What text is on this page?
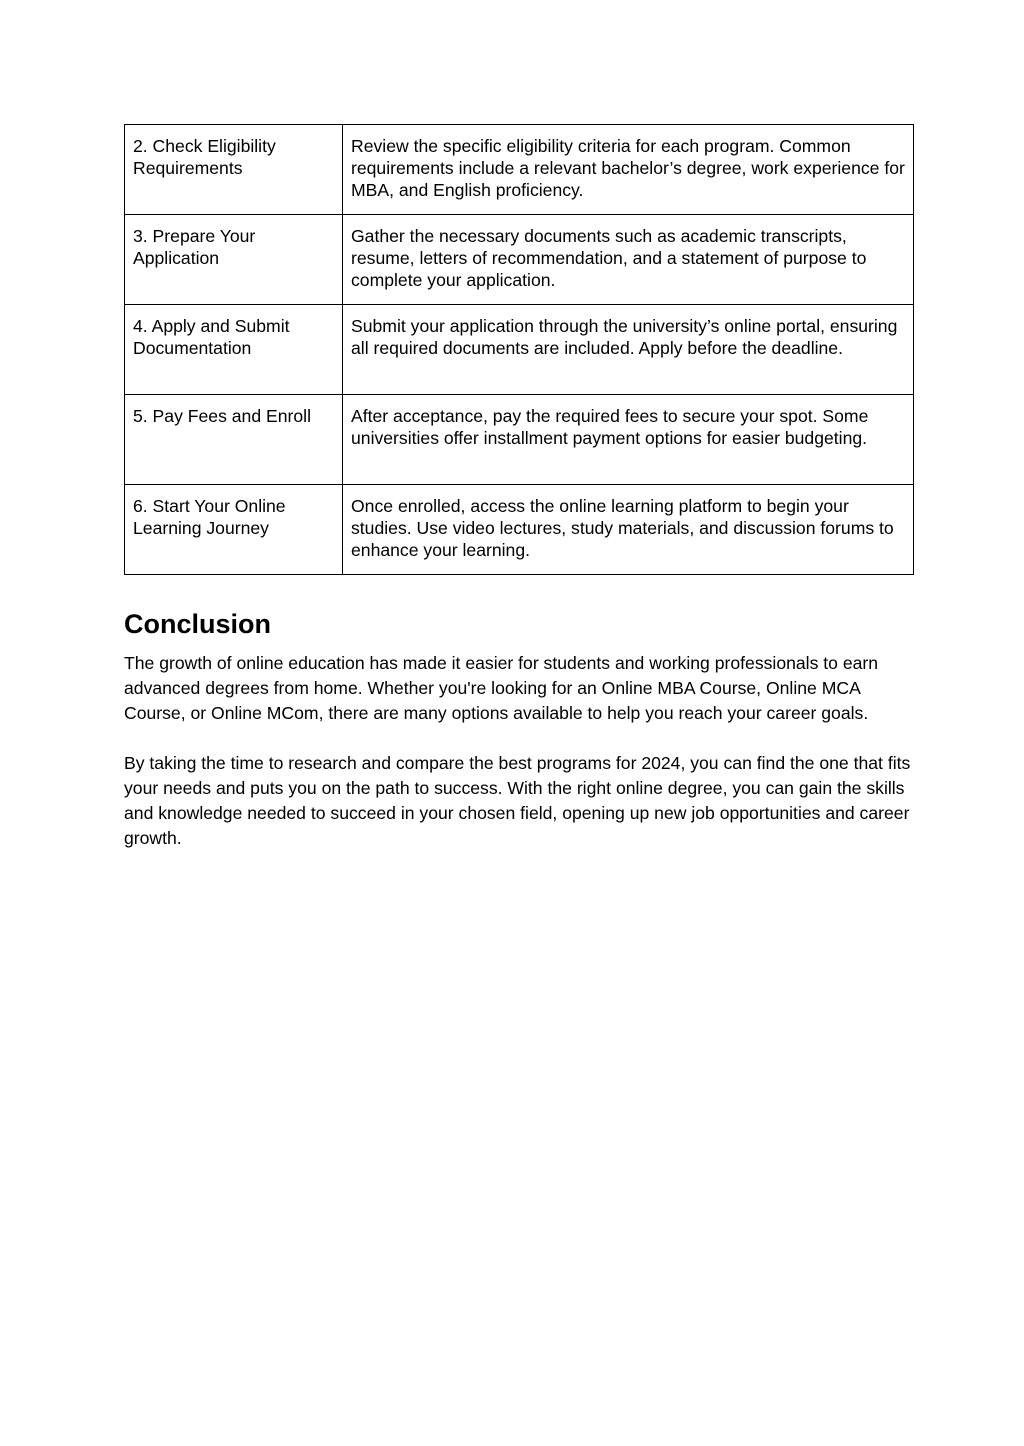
2. Check Eligibility Requirements	Review the specific eligibility criteria for each program. Common requirements include a relevant bachelor’s degree, work experience for MBA, and English proficiency.
3. Prepare Your Application	Gather the necessary documents such as academic transcripts, resume, letters of recommendation, and a statement of purpose to complete your application.
4. Apply and Submit Documentation	Submit your application through the university’s online portal, ensuring all required documents are included. Apply before the deadline.
5. Pay Fees and Enroll	After acceptance, pay the required fees to secure your spot. Some universities offer installment payment options for easier budgeting.
6. Start Your Online Learning Journey	Once enrolled, access the online learning platform to begin your studies. Use video lectures, study materials, and discussion forums to enhance your learning.
Conclusion

The growth of online education has made it easier for students and working professionals to earn advanced degrees from home. Whether you're looking for an Online MBA Course, Online MCA Course, or Online MCom, there are many options available to help you reach your career goals.

By taking the time to research and compare the best programs for 2024, you can find the one that fits your needs and puts you on the path to success. With the right online degree, you can gain the skills and knowledge needed to succeed in your chosen field, opening up new job opportunities and career growth.
